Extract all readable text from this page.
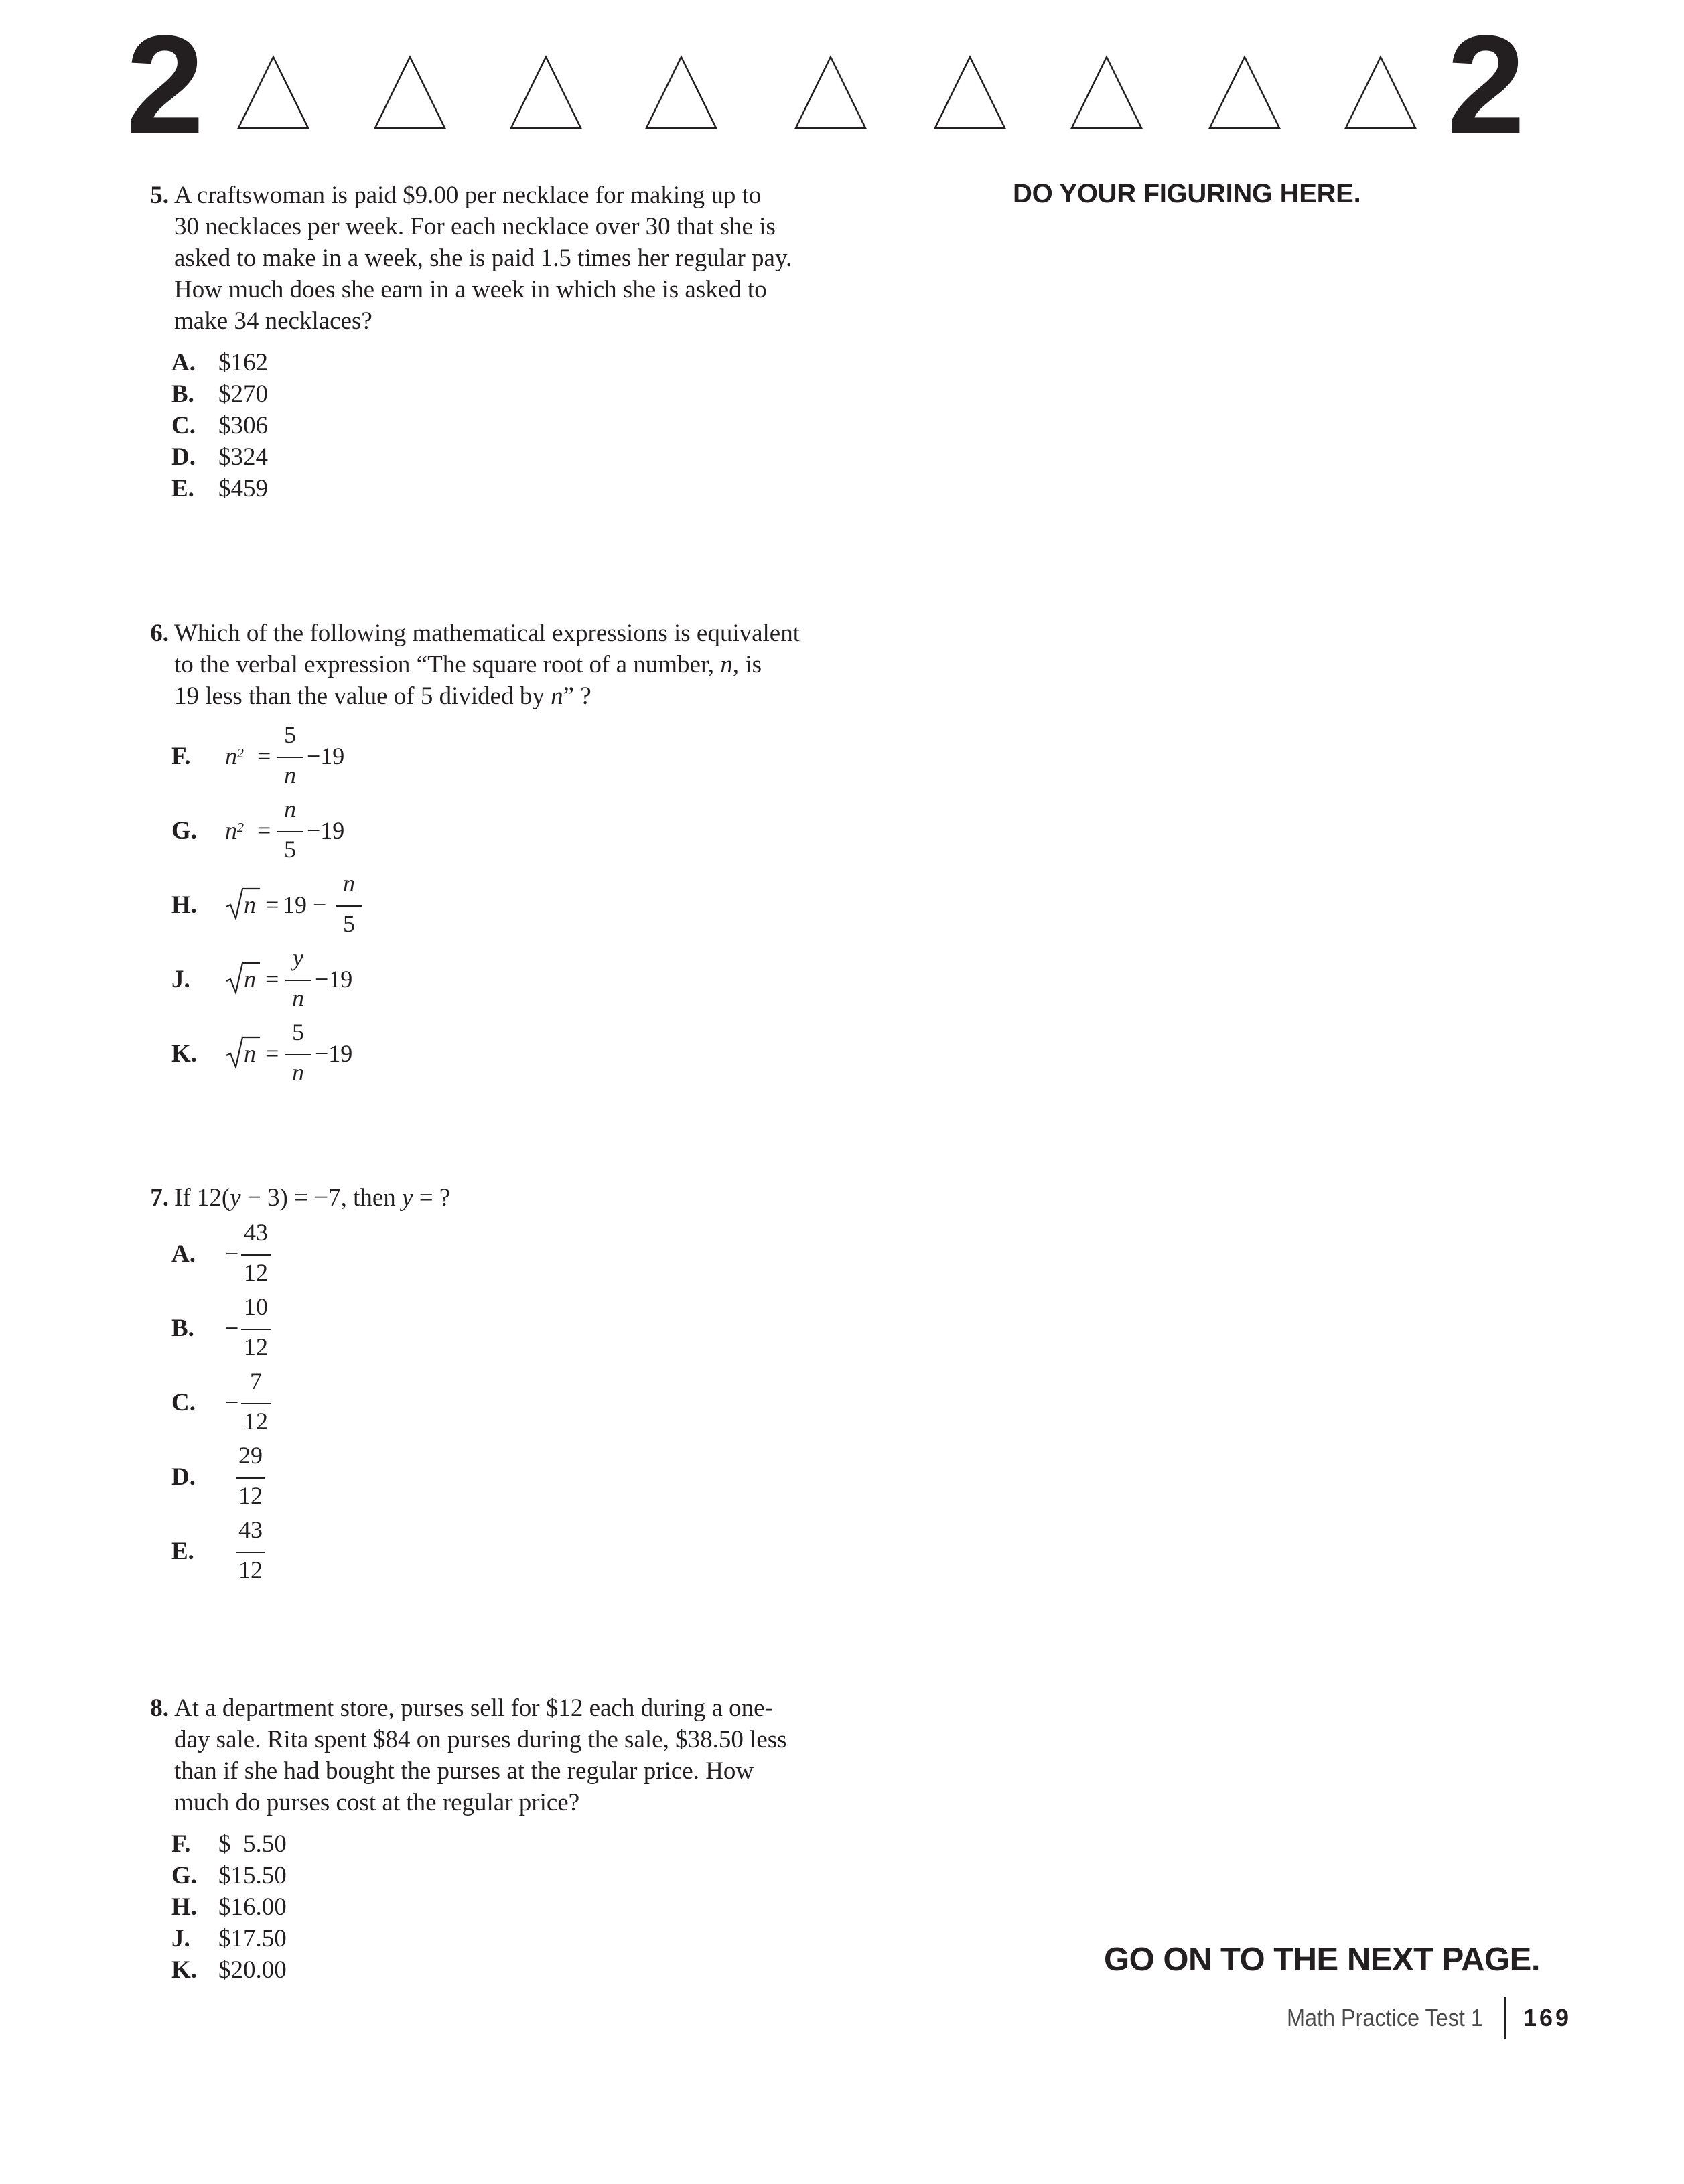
2	2
DO YOUR FIGURING HERE.
5. A craftswoman is paid $9.00 per necklace for making up to
30 necklaces per week. For each necklace over 30 that she is
asked to make in a week, she is paid 1.5 times her regular pay.
How much does she earn in a week in which she is asked to
make 34 necklaces?
A. $162
B. $270
C. $306
D. $324
E. $459
6. Which of the following mathematical expressions is equivalent
to the verbal expression “The square root of a number, n, is
19 less than the value of 5 divided by n” ?
F. $n^2$ =
5
n
−19
G. $n^2$ =
n
5
−19
H. n = 19 −
n
5
J. n =
y
n
−19
K. n =
5
n
−19
7. If 12(y − 3) = −7, then y = ?
A. −
43
12
B. −
10
12
C. −
7
12
D.
29
12
E.
43
12
8. At a department store, purses sell for $12 each during a one-
day sale. Rita spent $84 on purses during the sale, $38.50 less
than if she had bought the purses at the regular price. How
much do purses cost at the regular price?
F. $  5.50
G. $15.50
H. $16.00
J. $17.50
K. $20.00	GO ON TO THE NEXT PAGE.
Math Practice Test 1 169
